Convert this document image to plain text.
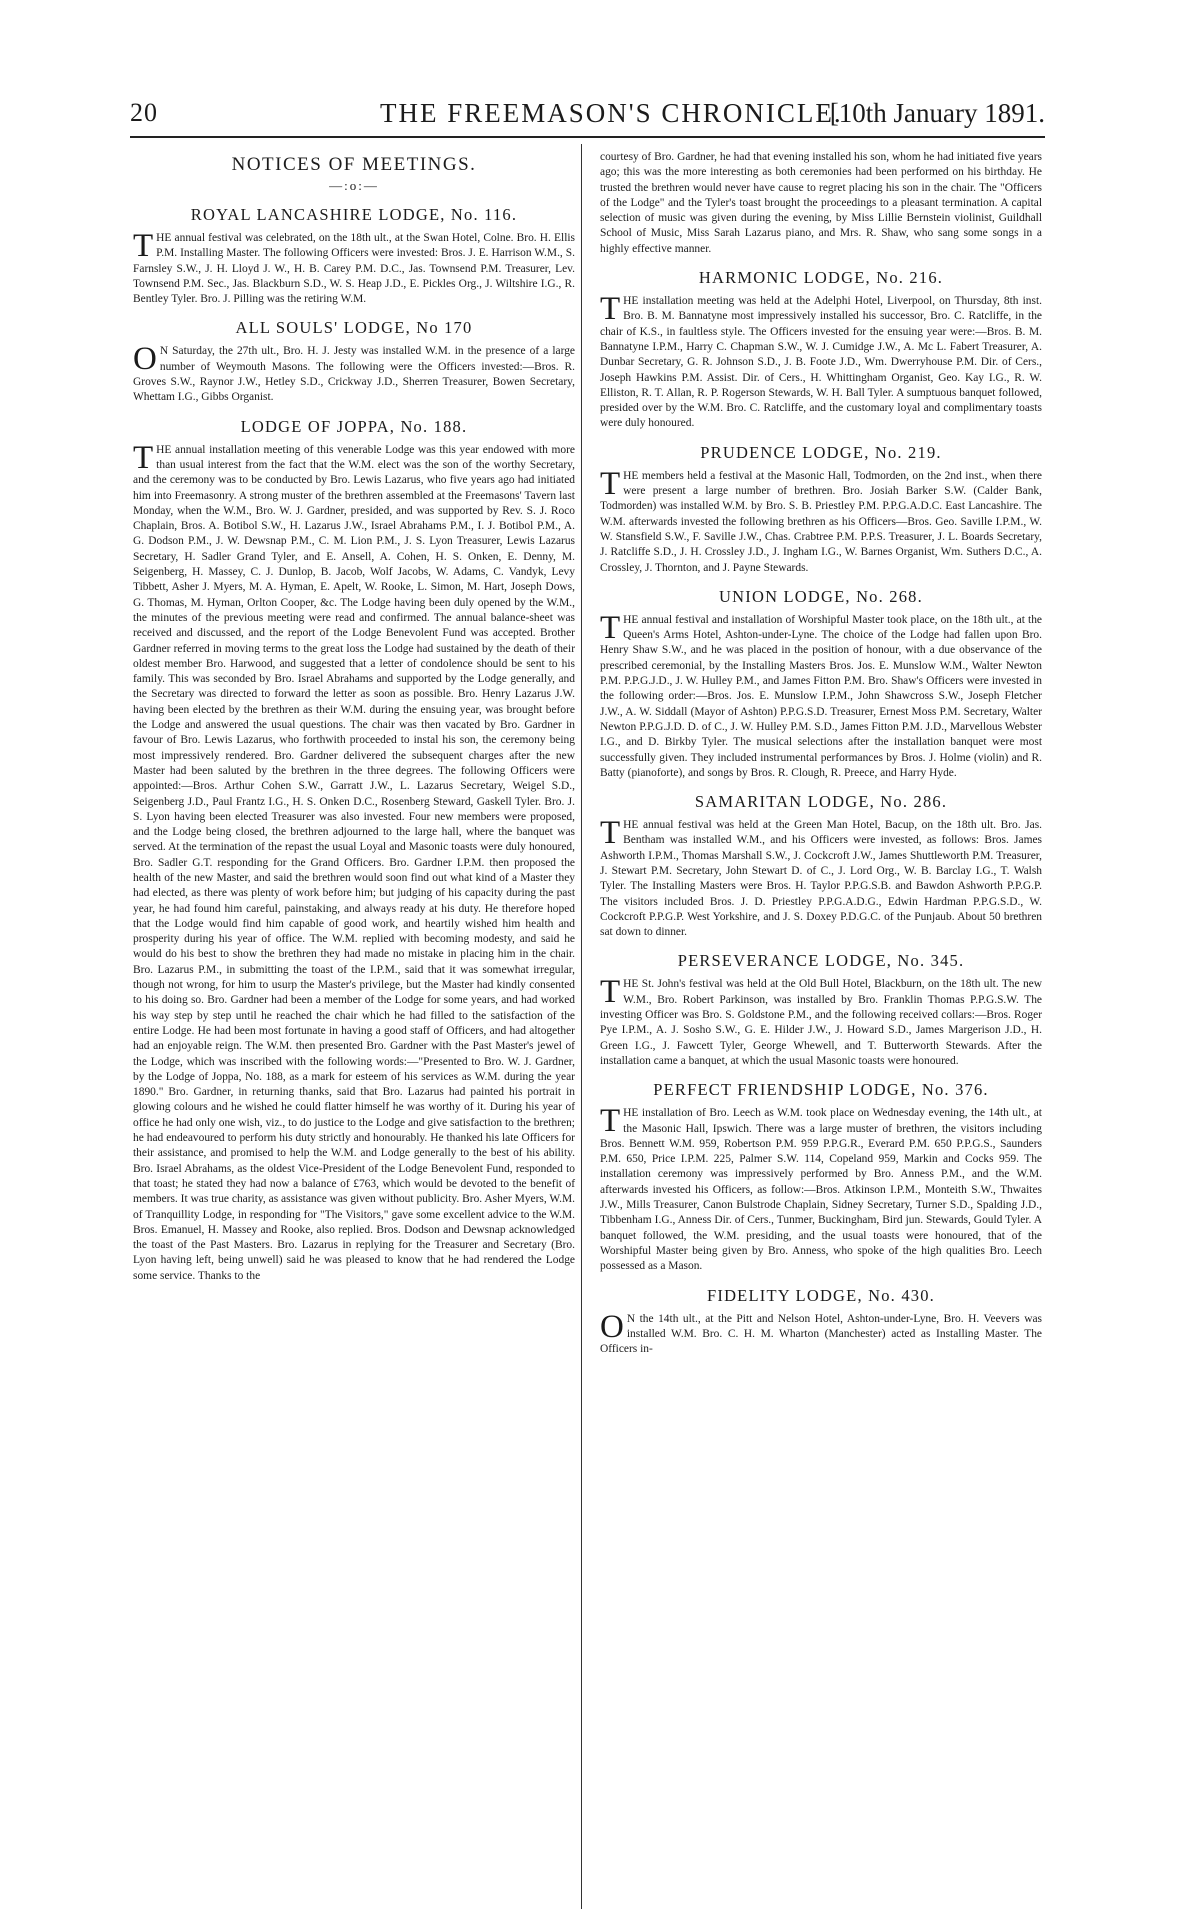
20	THE FREEMASON'S CHRONICLE.
[10th January 1891.
NOTICES OF MEETINGS.
—:o:—
ROYAL LANCASHIRE LODGE, No. 116.

THE annual festival was celebrated, on the 18th ult., at the Swan Hotel, Colne. Bro. H. Ellis P.M. Installing Master. The following Officers were invested: Bros. J. E. Harrison W.M., S. Farnsley S.W., J. H. Lloyd J. W., H. B. Carey P.M. D.C., Jas. Townsend P.M. Treasurer, Lev. Townsend P.M. Sec., Jas. Blackburn S.D., W. S. Heap J.D., E. Pickles Org., J. Wiltshire I.G., R. Bentley Tyler. Bro. J. Pilling was the retiring W.M.

ALL SOULS' LODGE, No 170

ON Saturday, the 27th ult., Bro. H. J. Jesty was installed W.M. in the presence of a large number of Weymouth Masons. The following were the Officers invested:—Bros. R. Groves S.W., Raynor J.W., Hetley S.D., Crickway J.D., Sherren Treasurer, Bowen Secretary, Whettam I.G., Gibbs Organist.

LODGE OF JOPPA, No. 188.

THE annual installation meeting of this venerable Lodge was this year endowed with more than usual interest from the fact that the W.M. elect was the son of the worthy Secretary, and the ceremony was to be conducted by Bro. Lewis Lazarus, who five years ago had initiated him into Freemasonry. A strong muster of the brethren assembled at the Freemasons' Tavern last Monday, when the W.M., Bro. W. J. Gardner, presided, and was supported by Rev. S. J. Roco Chaplain, Bros. A. Botibol S.W., H. Lazarus J.W., Israel Abrahams P.M., I. J. Botibol P.M., A. G. Dodson P.M., J. W. Dewsnap P.M., C. M. Lion P.M., J. S. Lyon Treasurer, Lewis Lazarus Secretary, H. Sadler Grand Tyler, and E. Ansell, A. Cohen, H. S. Onken, E. Denny, M. Seigenberg, H. Massey, C. J. Dunlop, B. Jacob, Wolf Jacobs, W. Adams, C. Vandyk, Levy Tibbett, Asher J. Myers, M. A. Hyman, E. Apelt, W. Rooke, L. Simon, M. Hart, Joseph Dows, G. Thomas, M. Hyman, Orlton Cooper, &c. The Lodge having been duly opened by the W.M., the minutes of the previous meeting were read and confirmed. The annual balance-sheet was received and discussed, and the report of the Lodge Benevolent Fund was accepted. Brother Gardner referred in moving terms to the great loss the Lodge had sustained by the death of their oldest member Bro. Harwood, and suggested that a letter of condolence should be sent to his family. This was seconded by Bro. Israel Abrahams and supported by the Lodge generally, and the Secretary was directed to forward the letter as soon as possible. Bro. Henry Lazarus J.W. having been elected by the brethren as their W.M. during the ensuing year, was brought before the Lodge and answered the usual questions. The chair was then vacated by Bro. Gardner in favour of Bro. Lewis Lazarus, who forthwith proceeded to instal his son, the ceremony being most impressively rendered. Bro. Gardner delivered the subsequent charges after the new Master had been saluted by the brethren in the three degrees. The following Officers were appointed:—Bros. Arthur Cohen S.W., Garratt J.W., L. Lazarus Secretary, Weigel S.D., Seigenberg J.D., Paul Frantz I.G., H. S. Onken D.C., Rosenberg Steward, Gaskell Tyler. Bro. J. S. Lyon having been elected Treasurer was also invested. Four new members were proposed, and the Lodge being closed, the brethren adjourned to the large hall, where the banquet was served. At the termination of the repast the usual Loyal and Masonic toasts were duly honoured, Bro. Sadler G.T. responding for the Grand Officers. Bro. Gardner I.P.M. then proposed the health of the new Master, and said the brethren would soon find out what kind of a Master they had elected, as there was plenty of work before him; but judging of his capacity during the past year, he had found him careful, painstaking, and always ready at his duty. He therefore hoped that the Lodge would find him capable of good work, and heartily wished him health and prosperity during his year of office. The W.M. replied with becoming modesty, and said he would do his best to show the brethren they had made no mistake in placing him in the chair. Bro. Lazarus P.M., in submitting the toast of the I.P.M., said that it was somewhat irregular, though not wrong, for him to usurp the Master's privilege, but the Master had kindly consented to his doing so. Bro. Gardner had been a member of the Lodge for some years, and had worked his way step by step until he reached the chair which he had filled to the satisfaction of the entire Lodge. He had been most fortunate in having a good staff of Officers, and had altogether had an enjoyable reign. The W.M. then presented Bro. Gardner with the Past Master's jewel of the Lodge, which was inscribed with the following words:—"Presented to Bro. W. J. Gardner, by the Lodge of Joppa, No. 188, as a mark for esteem of his services as W.M. during the year 1890." Bro. Gardner, in returning thanks, said that Bro. Lazarus had painted his portrait in glowing colours and he wished he could flatter himself he was worthy of it. During his year of office he had only one wish, viz., to do justice to the Lodge and give satisfaction to the brethren; he had endeavoured to perform his duty strictly and honourably. He thanked his late Officers for their assistance, and promised to help the W.M. and Lodge generally to the best of his ability. Bro. Israel Abrahams, as the oldest Vice-President of the Lodge Benevolent Fund, responded to that toast; he stated they had now a balance of £763, which would be devoted to the benefit of members. It was true charity, as assistance was given without publicity. Bro. Asher Myers, W.M. of Tranquillity Lodge, in responding for "The Visitors," gave some excellent advice to the W.M. Bros. Emanuel, H. Massey and Rooke, also replied. Bros. Dodson and Dewsnap acknowledged the toast of the Past Masters. Bro. Lazarus in replying for the Treasurer and Secretary (Bro. Lyon having left, being unwell) said he was pleased to know that he had rendered the Lodge some service. Thanks to the

courtesy of Bro. Gardner, he had that evening installed his son, whom he had initiated five years ago; this was the more interesting as both ceremonies had been performed on his birthday. He trusted the brethren would never have cause to regret placing his son in the chair. The "Officers of the Lodge" and the Tyler's toast brought the proceedings to a pleasant termination. A capital selection of music was given during the evening, by Miss Lillie Bernstein violinist, Guildhall School of Music, Miss Sarah Lazarus piano, and Mrs. R. Shaw, who sang some songs in a highly effective manner.

HARMONIC LODGE, No. 216.

THE installation meeting was held at the Adelphi Hotel, Liverpool, on Thursday, 8th inst. Bro. B. M. Bannatyne most impressively installed his successor, Bro. C. Ratcliffe, in the chair of K.S., in faultless style. The Officers invested for the ensuing year were:—Bros. B. M. Bannatyne I.P.M., Harry C. Chapman S.W., W. J. Cumidge J.W., A. Mc L. Fabert Treasurer, A. Dunbar Secretary, G. R. Johnson S.D., J. B. Foote J.D., Wm. Dwerryhouse P.M. Dir. of Cers., Joseph Hawkins P.M. Assist. Dir. of Cers., H. Whittingham Organist, Geo. Kay I.G., R. W. Elliston, R. T. Allan, R. P. Rogerson Stewards, W. H. Ball Tyler. A sumptuous banquet followed, presided over by the W.M. Bro. C. Ratcliffe, and the customary loyal and complimentary toasts were duly honoured.

PRUDENCE LODGE, No. 219.

THE members held a festival at the Masonic Hall, Todmorden, on the 2nd inst., when there were present a large number of brethren. Bro. Josiah Barker S.W. (Calder Bank, Todmorden) was installed W.M. by Bro. S. B. Priestley P.M. P.P.G.A.D.C. East Lancashire. The W.M. afterwards invested the following brethren as his Officers—Bros. Geo. Saville I.P.M., W. W. Stansfield S.W., F. Saville J.W., Chas. Crabtree P.M. P.P.S. Treasurer, J. L. Boards Secretary, J. Ratcliffe S.D., J. H. Crossley J.D., J. Ingham I.G., W. Barnes Organist, Wm. Suthers D.C., A. Crossley, J. Thornton, and J. Payne Stewards.

UNION LODGE, No. 268.

THE annual festival and installation of Worshipful Master took place, on the 18th ult., at the Queen's Arms Hotel, Ashton-under-Lyne. The choice of the Lodge had fallen upon Bro. Henry Shaw S.W., and he was placed in the position of honour, with a due observance of the prescribed ceremonial, by the Installing Masters Bros. Jos. E. Munslow W.M., Walter Newton P.M. P.P.G.J.D., J. W. Hulley P.M., and James Fitton P.M. Bro. Shaw's Officers were invested in the following order:—Bros. Jos. E. Munslow I.P.M., John Shawcross S.W., Joseph Fletcher J.W., A. W. Siddall (Mayor of Ashton) P.P.G.S.D. Treasurer, Ernest Moss P.M. Secretary, Walter Newton P.P.G.J.D. D. of C., J. W. Hulley P.M. S.D., James Fitton P.M. J.D., Marvellous Webster I.G., and D. Birkby Tyler. The musical selections after the installation banquet were most successfully given. They included instrumental performances by Bros. J. Holme (violin) and R. Batty (pianoforte), and songs by Bros. R. Clough, R. Preece, and Harry Hyde.

SAMARITAN LODGE, No. 286.

THE annual festival was held at the Green Man Hotel, Bacup, on the 18th ult. Bro. Jas. Bentham was installed W.M., and his Officers were invested, as follows: Bros. James Ashworth I.P.M., Thomas Marshall S.W., J. Cockcroft J.W., James Shuttleworth P.M. Treasurer, J. Stewart P.M. Secretary, John Stewart D. of C., J. Lord Org., W. B. Barclay I.G., T. Walsh Tyler. The Installing Masters were Bros. H. Taylor P.P.G.S.B. and Bawdon Ashworth P.P.G.P. The visitors included Bros. J. D. Priestley P.P.G.A.D.G., Edwin Hardman P.P.G.S.D., W. Cockcroft P.P.G.P. West Yorkshire, and J. S. Doxey P.D.G.C. of the Punjaub. About 50 brethren sat down to dinner.

PERSEVERANCE LODGE, No. 345.

THE St. John's festival was held at the Old Bull Hotel, Blackburn, on the 18th ult. The new W.M., Bro. Robert Parkinson, was installed by Bro. Franklin Thomas P.P.G.S.W. The investing Officer was Bro. S. Goldstone P.M., and the following received collars:—Bros. Roger Pye I.P.M., A. J. Sosho S.W., G. E. Hilder J.W., J. Howard S.D., James Margerison J.D., H. Green I.G., J. Fawcett Tyler, George Whewell, and T. Butterworth Stewards. After the installation came a banquet, at which the usual Masonic toasts were honoured.

PERFECT FRIENDSHIP LODGE, No. 376.

THE installation of Bro. Leech as W.M. took place on Wednesday evening, the 14th ult., at the Masonic Hall, Ipswich. There was a large muster of brethren, the visitors including Bros. Bennett W.M. 959, Robertson P.M. 959 P.P.G.R., Everard P.M. 650 P.P.G.S., Saunders P.M. 650, Price I.P.M. 225, Palmer S.W. 114, Copeland 959, Markin and Cocks 959. The installation ceremony was impressively performed by Bro. Anness P.M., and the W.M. afterwards invested his Officers, as follow:—Bros. Atkinson I.P.M., Monteith S.W., Thwaites J.W., Mills Treasurer, Canon Bulstrode Chaplain, Sidney Secretary, Turner S.D., Spalding J.D., Tibbenham I.G., Anness Dir. of Cers., Tunmer, Buckingham, Bird jun. Stewards, Gould Tyler. A banquet followed, the W.M. presiding, and the usual toasts were honoured, that of the Worshipful Master being given by Bro. Anness, who spoke of the high qualities Bro. Leech possessed as a Mason.

FIDELITY LODGE, No. 430.

ON the 14th ult., at the Pitt and Nelson Hotel, Ashton-under-Lyne, Bro. H. Veevers was installed W.M. Bro. C. H. M. Wharton (Manchester) acted as Installing Master. The Officers in-
